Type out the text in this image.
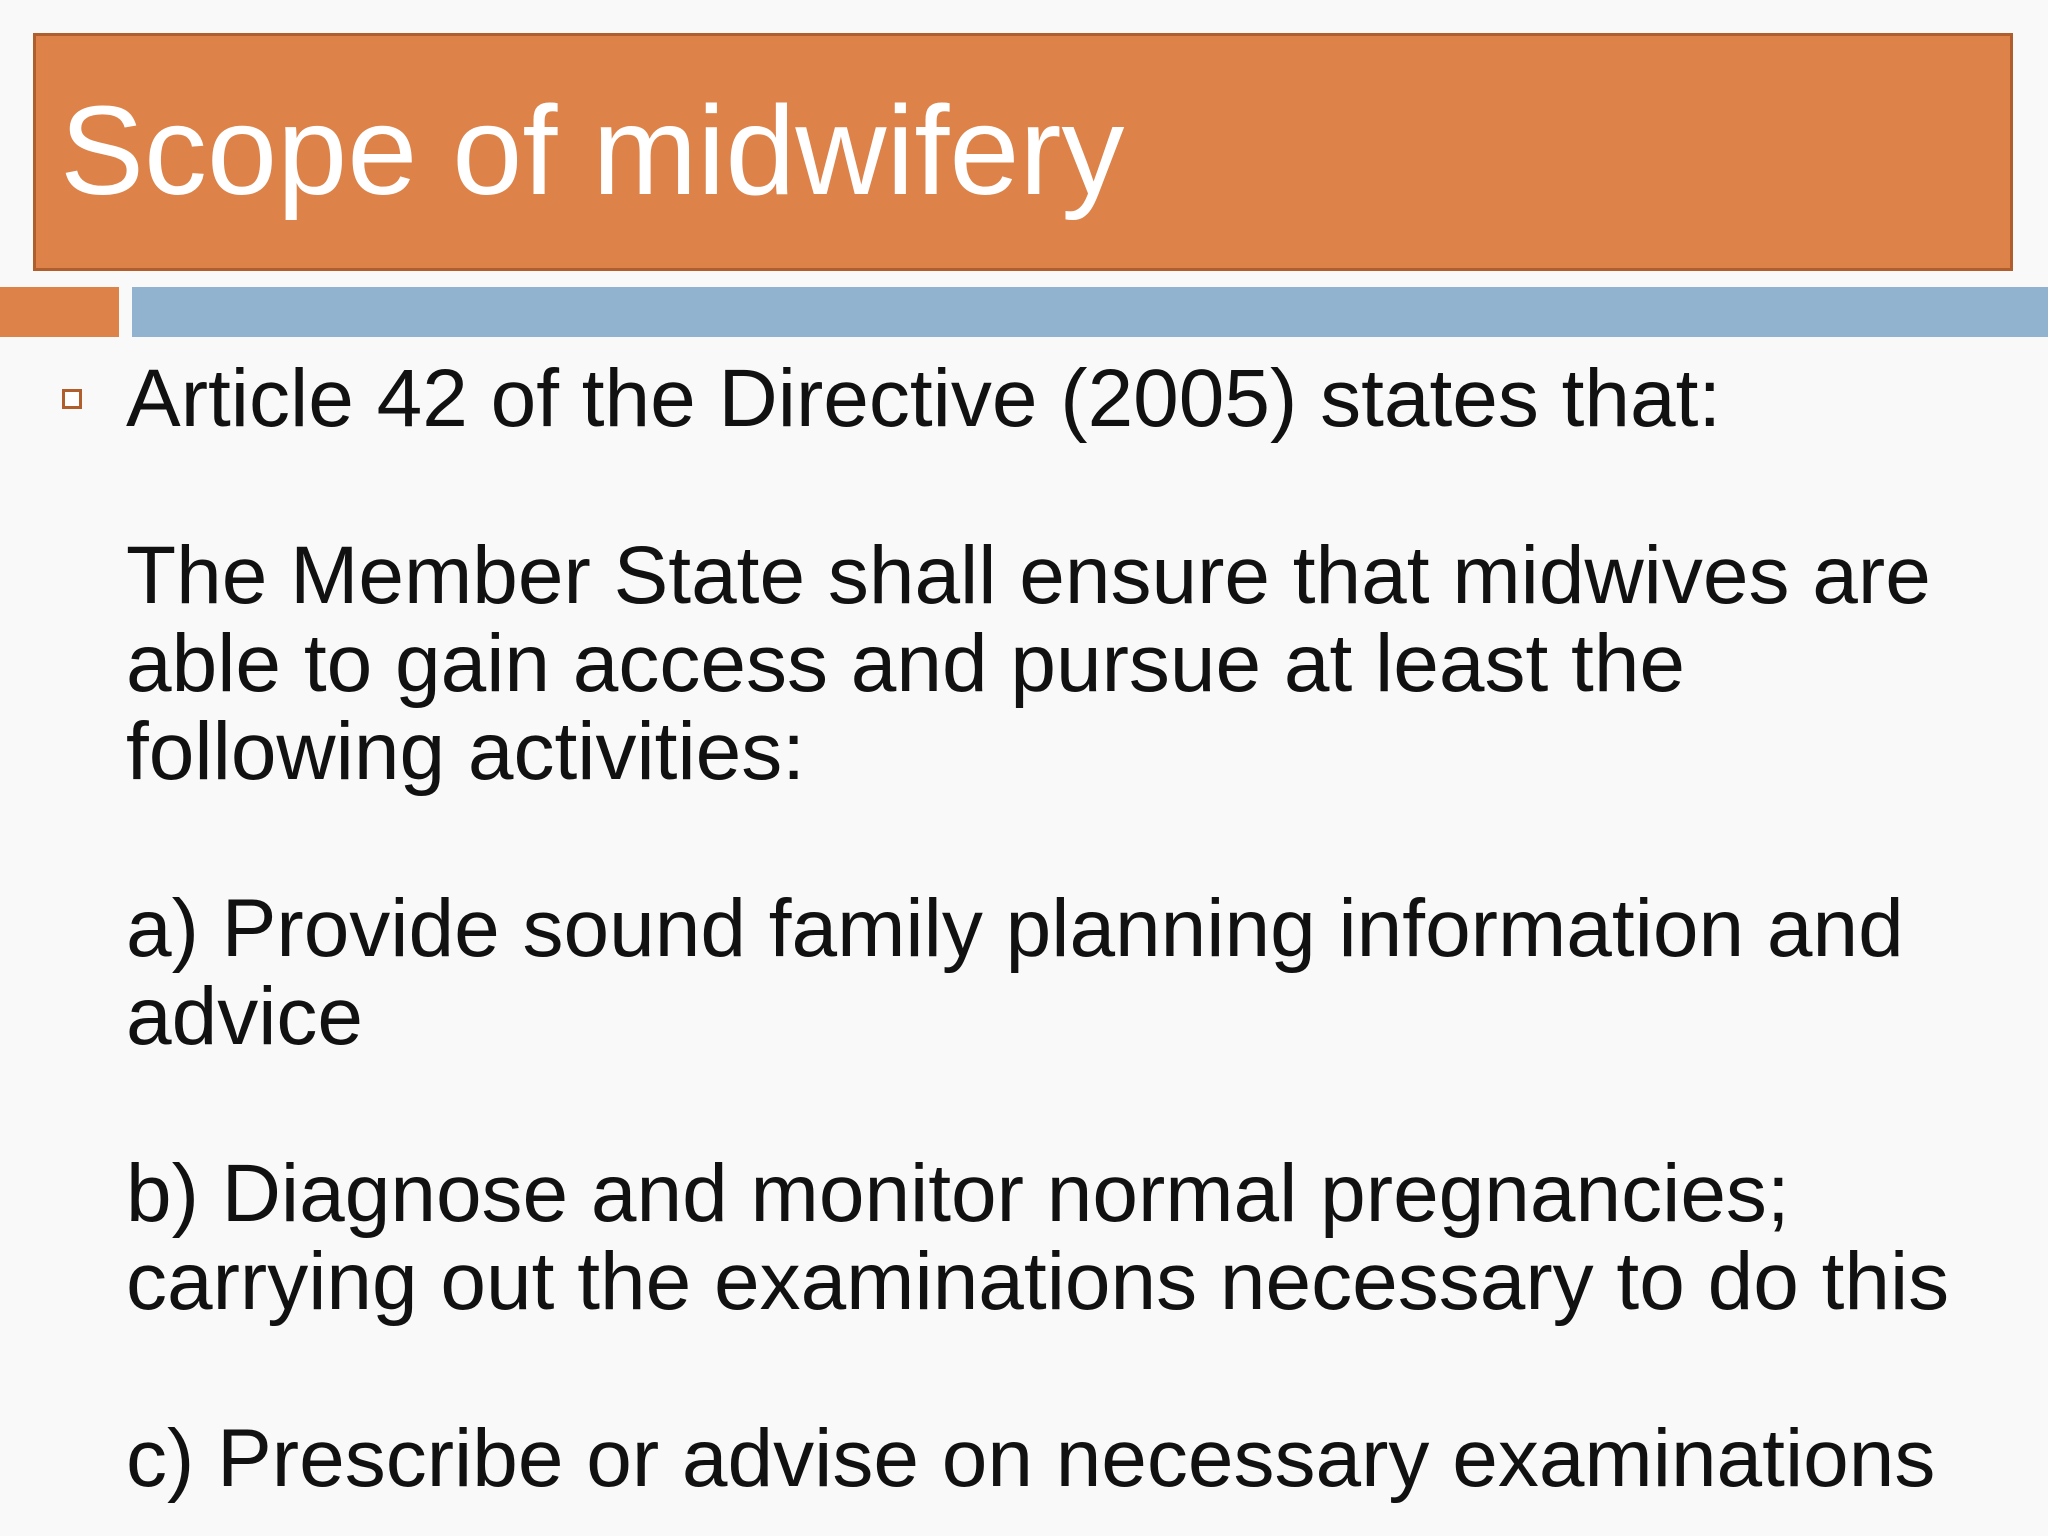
Scope of midwifery

Article 42 of the Directive (2005) states that:

The Member State shall ensure that midwives are
able to gain access and pursue at least the
following activities:

a) Provide sound family planning information and
advice

b) Diagnose and monitor normal pregnancies;
carrying out the examinations necessary to do this

c) Prescribe or advise on necessary examinations
